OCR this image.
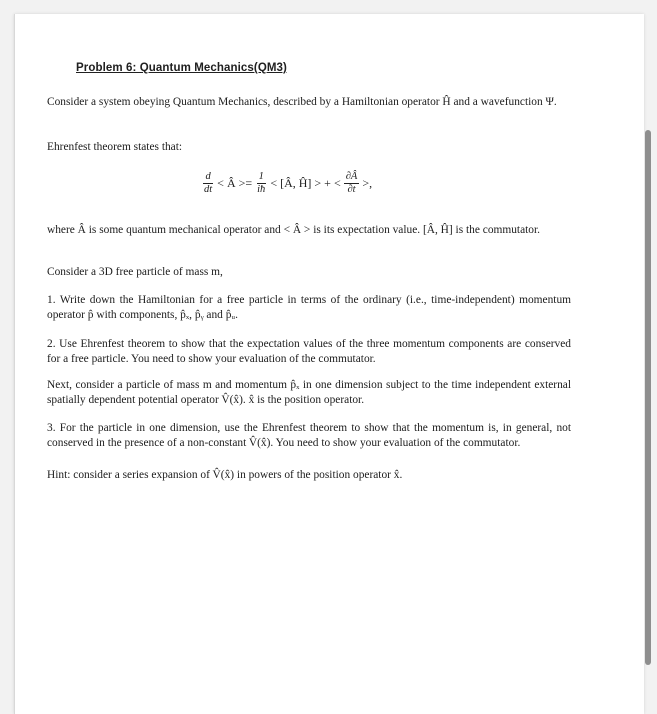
Problem 6: Quantum Mechanics(QM3)

Consider a system obeying Quantum Mechanics, described by a Hamiltonian operator Ĥ and a wavefunction Ψ.

Ehrenfest theorem states that:

$\frac{d}{dt}$ < Â >= $\frac{1}{iħ}$ < [Â, Ĥ] > + < $\frac{\partial Â}{\partial t}$ >,

where Â is some quantum mechanical operator and < Â > is its expectation value. [Â, Ĥ] is the commutator.

Consider a 3D free particle of mass m,

1. Write down the Hamiltonian for a free particle in terms of the ordinary (i.e., time-independent) momentum operator p̂ with components, p̂ₓ, p̂ᵧ and p̂ᵤ.

2. Use Ehrenfest theorem to show that the expectation values of the three momentum components are conserved for a free particle. You need to show your evaluation of the commutator.

Next, consider a particle of mass m and momentum p̂ₓ in one dimension subject to the time independent external spatially dependent potential operator V̂(x̂). x̂ is the position operator.

3. For the particle in one dimension, use the Ehrenfest theorem to show that the momentum is, in general, not conserved in the presence of a non-constant V̂(x̂). You need to show your evaluation of the commutator.

Hint: consider a series expansion of V̂(x̂) in powers of the position operator x̂.
